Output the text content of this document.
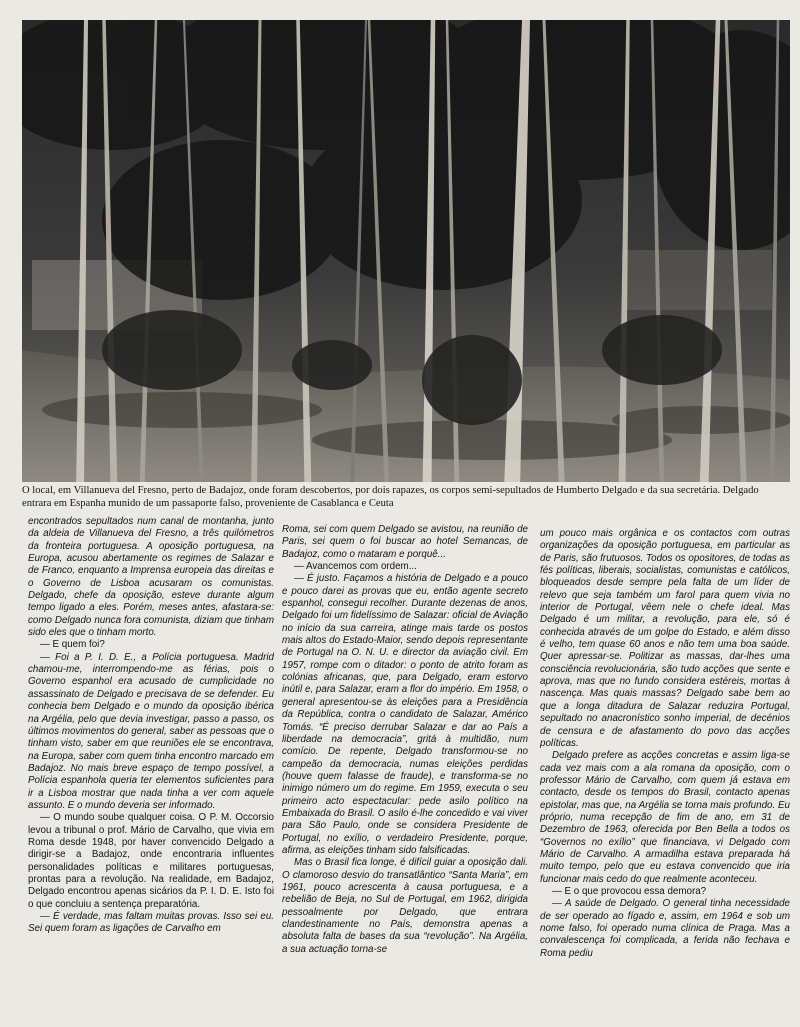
O local, em Villanueva del Fresno, perto de Badajoz, onde foram descobertos, por dois rapazes, os corpos semi-sepultados de Humberto Delgado e da sua secretária. Delgado entrara em Espanha munido de um passaporte falso, proveniente de Casablanca e Ceuta

encontrados sepultados num canal de montanha, junto da aldeia de Villanueva del Fresno, a três quilómetros da fronteira portuguesa. A oposição portuguesa, na Europa, acusou abertamente os regimes de Salazar e de Franco, enquanto a Imprensa europeia das direitas e o Governo de Lisboa acusaram os comunistas. Delgado, chefe da oposição, esteve durante algum tempo ligado a eles. Porém, meses antes, afastara-se: como Delgado nunca fora comunista, diziam que tinham sido eles que o tinham morto.

— E quem foi?

— Foi a P. I. D. E., a Polícia portuguesa. Madrid chamou-me, interrompendo-me as férias, pois o Governo espanhol era acusado de cumplicidade no assassinato de Delgado e precisava de se defender. Eu conhecia bem Delgado e o mundo da oposição ibérica na Argélia, pelo que devia investigar, passo a passo, os últimos movimentos do general, saber as pessoas que o tinham visto, saber em que reuniões ele se encontrava, na Europa, saber com quem tinha encontro marcado em Badajoz. No mais breve espaço de tempo possível, a Polícia espanhola queria ter elementos suficientes para ir a Lisboa mostrar que nada tinha a ver com aquele assunto. E o mundo deveria ser informado.

— O mundo soube qualquer coisa. O P. M. Occorsio levou a tribunal o prof. Mário de Carvalho, que vivia em Roma desde 1948, por haver convencido Delgado a dirigir-se a Badajoz, onde encontraria influentes personalidades políticas e militares portuguesas, prontas para a revolução. Na realidade, em Badajoz, Delgado encontrou apenas sicários da P. I. D. E. Isto foi o que concluiu a sentença preparatória.

— É verdade, mas faltam muitas provas. Isso sei eu. Sei quem foram as ligações de Carvalho em

Roma, sei com quem Delgado se avistou, na reunião de Paris, sei quem o foi buscar ao hotel Semancas, de Badajoz, como o mataram e porquê...

— Avancemos com ordem...

— É justo. Façamos a história de Delgado e a pouco e pouco darei as provas que eu, então agente secreto espanhol, consegui recolher. Durante dezenas de anos, Delgado foi um fidelíssimo de Salazar: oficial de Aviação no início da sua carreira, atinge mais tarde os postos mais altos do Estado-Maior, sendo depois representante de Portugal na O. N. U. e director da aviação civil. Em 1957, rompe com o ditador: o ponto de atrito foram as colónias africanas, que, para Delgado, eram estorvo inútil e, para Salazar, eram a flor do império. Em 1958, o general apresentou-se às eleições para a Presidência da República, contra o candidato de Salazar, Américo Tomás. “É preciso derrubar Salazar e dar ao País a liberdade na democracia”, gritá à multidão, num comício. De repente, Delgado transformou-se no campeão da democracia, numas eleições perdidas (houve quem falasse de fraude), e transforma-se no inimigo número um do regime. Em 1959, executa o seu primeiro acto espectacular: pede asilo político na Embaixada do Brasil. O asilo é-lhe concedido e vai viver para São Paulo, onde se considera Presidente de Portugal, no exílio, o verdadeiro Presidente, porque, afirma, as eleições tinham sido falsificadas.

Mas o Brasil fica longe, é difícil guiar a oposição dali. O clamoroso desvio do transatlântico “Santa Maria”, em 1961, pouco acrescenta à causa portuguesa, e a rebelião de Beja, no Sul de Portugal, em 1962, dirigida pessoalmente por Delgado, que entrara clandestinamente no País, demonstra apenas a absoluta falta de bases da sua “revolução”. Na Argélia, a sua actuação torna-se

um pouco mais orgânica e os contactos com outras organizações da oposição portuguesa, em particular as de Paris, são frutuosos. Todos os opositores, de todas as fés políticas, liberais, socialistas, comunistas e católicos, bloqueados desde sempre pela falta de um líder de relevo que seja também um farol para quem vivia no interior de Portugal, vêem nele o chefe ideal. Mas Delgado é um militar, a revolução, para ele, só é conhecida através de um golpe do Estado, e além disso é velho, tem quase 60 anos e não tem uma boa saúde. Quer apressar-se. Politizar as massas, dar-lhes uma consciência revolucionária, são tudo acções que sente e aprova, mas que no fundo considera estéreis, mortas à nascença. Mas quais massas? Delgado sabe bem ao que a longa ditadura de Salazar reduzira Portugal, sepultado no anacronístico sonho imperial, de decénios de censura e de afastamento do povo das acções políticas.

Delgado prefere as acções concretas e assim liga-se cada vez mais com a ala romana da oposição, com o professor Mário de Carvalho, com quem já estava em contacto, desde os tempos do Brasil, contacto apenas epistolar, mas que, na Argélia se torna mais profundo. Eu próprio, numa recepção de fim de ano, em 31 de Dezembro de 1963, oferecida por Ben Bella a todos os “Governos no exílio” que financiava, vi Delgado com Mário de Carvalho. A armadilha estava preparada há muito tempo, pelo que eu estava convencido que iria funcionar mais cedo do que realmente aconteceu.

— E o que provocou essa demora?

— A saúde de Delgado. O general tinha necessidade de ser operado ao fígado e, assim, em 1964 e sob um nome falso, foi operado numa clínica de Praga. Mas a convalescença foi complicada, a ferida não fechava e Roma pediu
